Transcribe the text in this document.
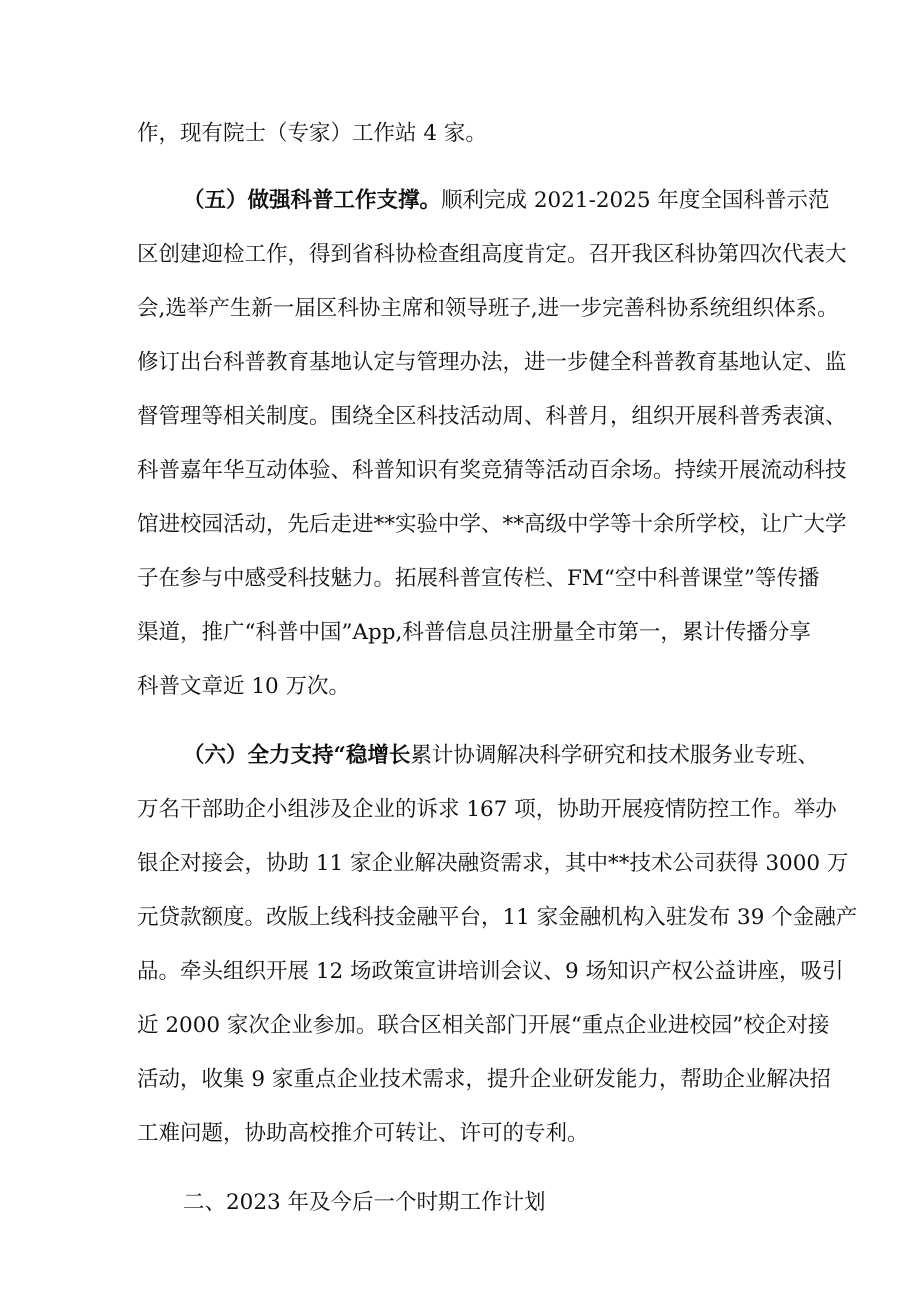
作，现有院士（专家）工作站 4 家。
（五）做强科普工作支撑。顺利完成 2021-2025 年度全国科普示范
区创建迎检工作，得到省科协检查组高度肯定。召开我区科协第四次代表大
会,选举产生新一届区科协主席和领导班子,进一步完善科协系统组织体系。
修订出台科普教育基地认定与管理办法，进一步健全科普教育基地认定、监
督管理等相关制度。围绕全区科技活动周、科普月，组织开展科普秀表演、
科普嘉年华互动体验、科普知识有奖竞猜等活动百余场。持续开展流动科技
馆进校园活动，先后走进**实验中学、**高级中学等十余所学校，让广大学
子在参与中感受科技魅力。拓展科普宣传栏、FM“空中科普课堂”等传播
渠道，推广“科普中国”App,科普信息员注册量全市第一，累计传播分享
科普文章近 10 万次。
（六）全力支持“稳增长累计协调解决科学研究和技术服务业专班、
万名干部助企小组涉及企业的诉求 167 项，协助开展疫情防控工作。举办
银企对接会，协助 11 家企业解决融资需求，其中**技术公司获得 3000 万
元贷款额度。改版上线科技金融平台，11 家金融机构入驻发布 39 个金融产
品。牵头组织开展 12 场政策宣讲培训会议、9 场知识产权公益讲座，吸引
近 2000 家次企业参加。联合区相关部门开展“重点企业进校园”校企对接
活动，收集 9 家重点企业技术需求，提升企业研发能力，帮助企业解决招
工难问题，协助高校推介可转让、许可的专利。
二、2023 年及今后一个时期工作计划
